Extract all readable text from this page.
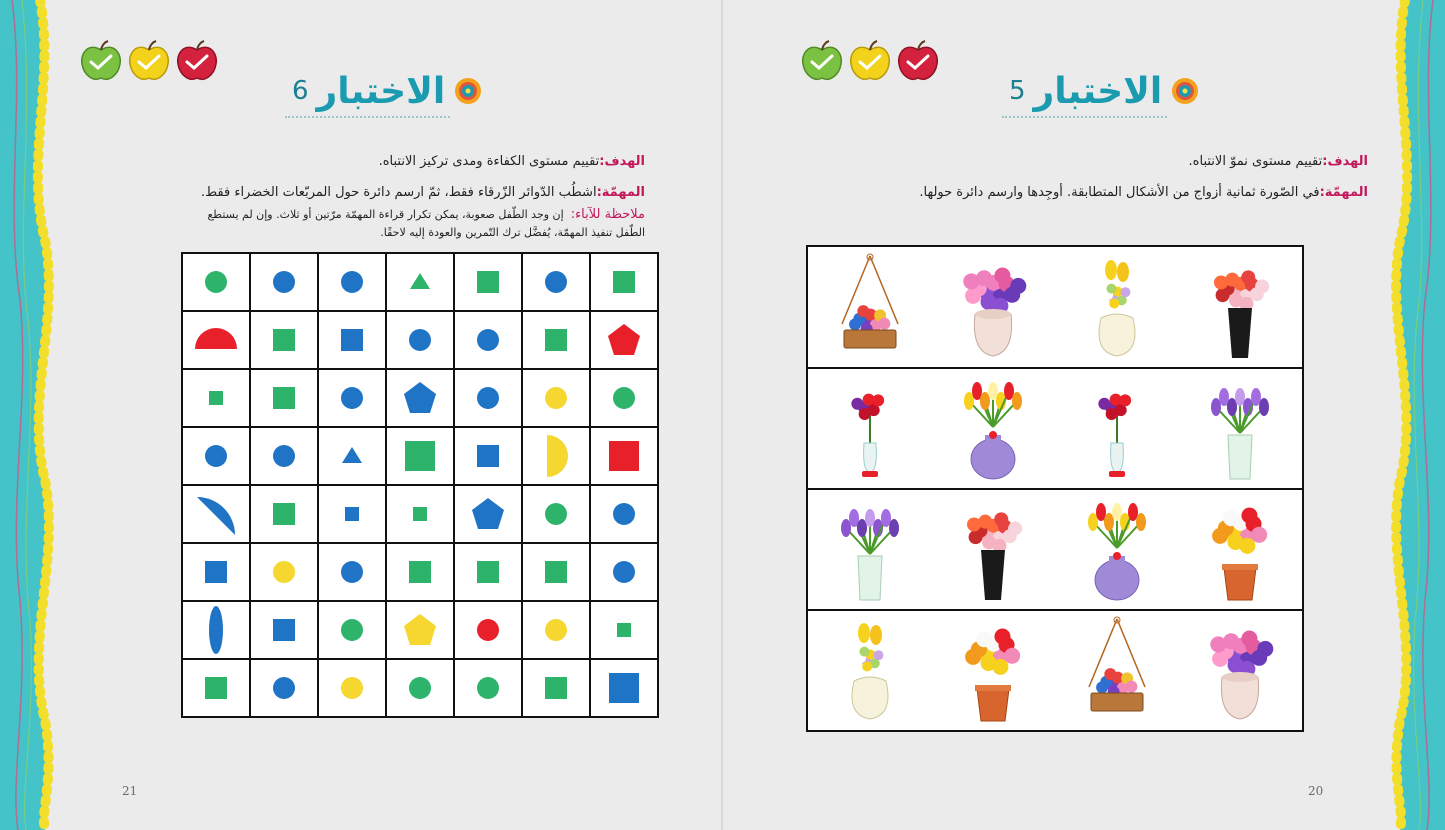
الاختبار
6
الهدف:تقييم مستوى الكفاءة ومدى تركيز الانتباه.
المهمّة:اشطُب الدّوائر الزّرقاء فقط، ثمّ ارسم دائرة حول المربّعات الخضراء فقط.
ملاحظة للآباء:  إن وجد الطّفل صعوبة، يمكن تكرار قراءة المهمّة مرّتين أو ثلاث. وإن لم يستطع الطّفل تنفيذ المهمّة، يُفضَّل ترك التّمرين والعودة إليه لاحقًا.

21
الاختبار
5
الهدف:تقييم مستوى نموّ الانتباه.
المهمّة:في الصّورة ثمانية أزواج من الأشكال المتطابقة. أوجِدها وارسم دائرة حولها.
20
